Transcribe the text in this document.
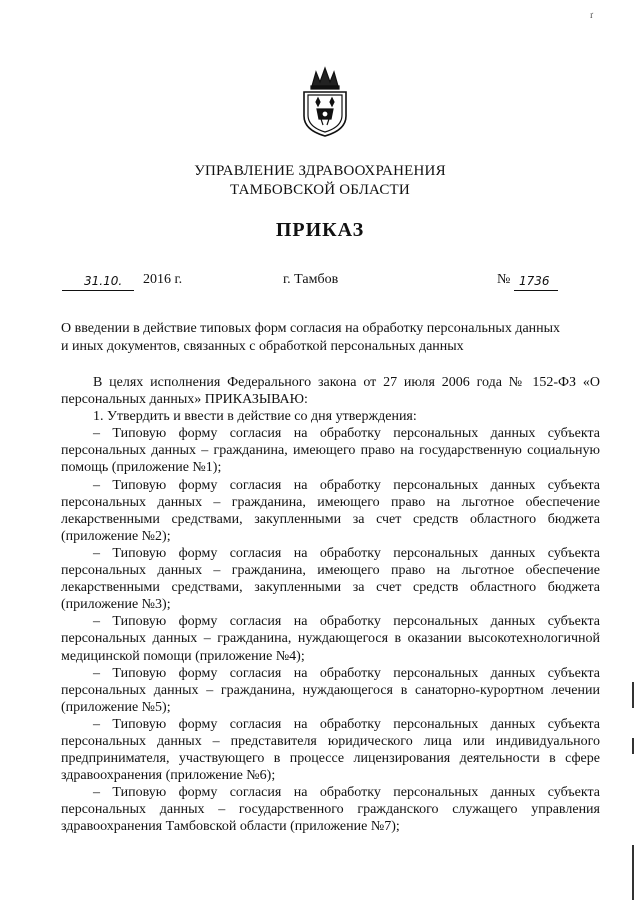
ґ
УПРАВЛЕНИЕ ЗДРАВООХРАНЕНИЯ
ТАМБОВСКОЙ ОБЛАСТИ
ПРИКАЗ
31.10. 2016 г.	г. Тамбов	№ 1736
О введении в действие типовых форм согласия на обработку персональных данных
и иных документов, связанных с обработкой персональных данных

В целях исполнения Федерального закона от 27 июля 2006 года № 152-ФЗ «О персональных данных» ПРИКАЗЫВАЮ:

1. Утвердить и ввести в действие со дня утверждения:

– Типовую форму согласия на обработку персональных данных субъекта персональных данных – гражданина, имеющего право на государственную социальную помощь (приложение №1);

– Типовую форму согласия на обработку персональных данных субъекта персональных данных – гражданина, имеющего право на льготное обеспечение лекарственными средствами, закупленными за счет средств областного бюджета (приложение №2);

– Типовую форму согласия на обработку персональных данных субъекта персональных данных – гражданина, имеющего право на льготное обеспечение лекарственными средствами, закупленными за счет средств областного бюджета (приложение №3);

– Типовую форму согласия на обработку персональных данных субъекта персональных данных – гражданина, нуждающегося в оказании высокотехнологичной медицинской помощи (приложение №4);

– Типовую форму согласия на обработку персональных данных субъекта персональных данных – гражданина, нуждающегося в санаторно-курортном лечении (приложение №5);

– Типовую форму согласия на обработку персональных данных субъекта персональных данных – представителя юридического лица или индивидуального предпринимателя, участвующего в процессе лицензирования деятельности в сфере здравоохранения (приложение №6);

– Типовую форму согласия на обработку персональных данных субъекта персональных данных – государственного гражданского служащего управления здравоохранения Тамбовской области (приложение №7);
